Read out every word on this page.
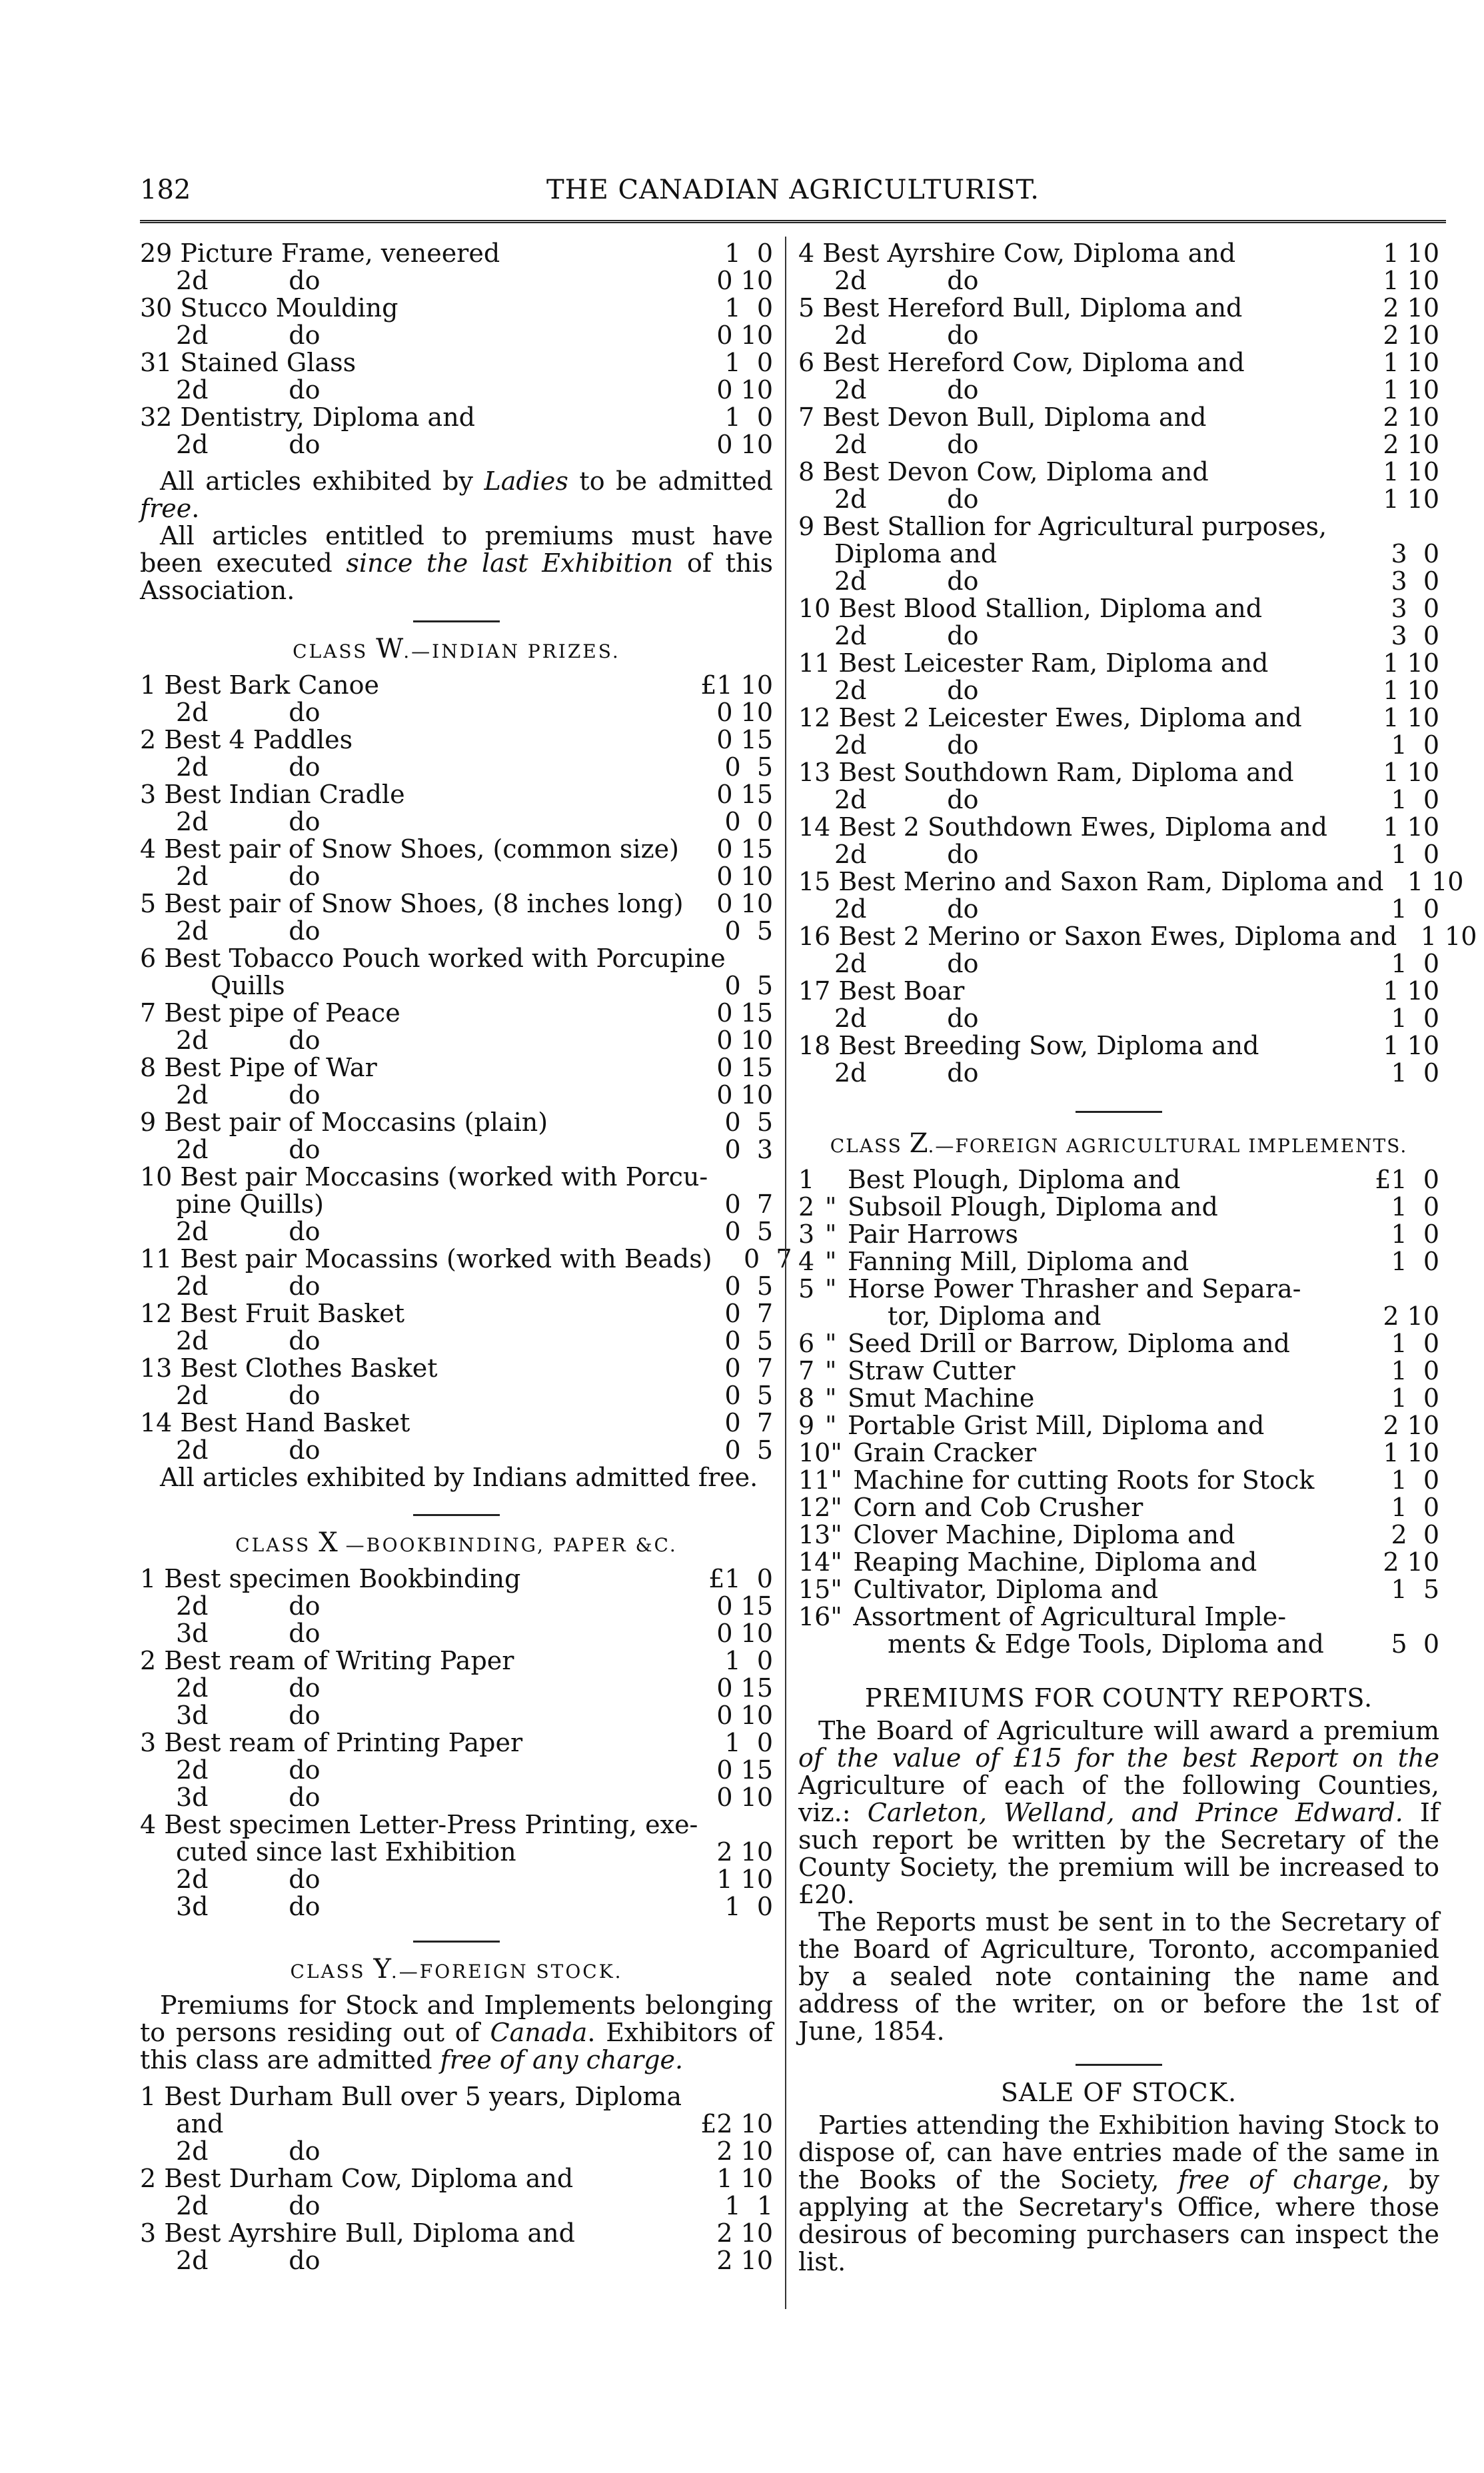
182	THE CANADIAN AGRICULTURIST.
29 Picture Frame, veneered	1  0
2d          do	0 10
30 Stucco Moulding	1  0
2d          do	0 10
31 Stained Glass	1  0
2d          do	0 10
32 Dentistry, Diploma and	1  0
2d          do	0 10

All articles exhibited by Ladies to be admitted free.

All articles entitled to premiums must have been executed since the last Exhibition of this Association.

CLASS W.—INDIAN PRIZES.
1 Best Bark Canoe	£1 10
2d          do	0 10
2 Best 4 Paddles	0 15
2d          do	0  5
3 Best Indian Cradle	0 15
2d          do	0  0
4 Best pair of Snow Shoes, (common size)	0 15
2d          do	0 10
5 Best pair of Snow Shoes, (8 inches long)	0 10
2d          do	0  5
6 Best Tobacco Pouch worked with Porcupine
Quills	0  5
7 Best pipe of Peace	0 15
2d          do	0 10
8 Best Pipe of War	0 15
2d          do	0 10
9 Best pair of Moccasins (plain)	0  5
2d          do	0  3
10 Best pair Moccasins (worked with Porcu-
pine Quills)	0  7
2d          do	0  5
11 Best pair Mocassins (worked with Beads)	0  7
2d          do	0  5
12 Best Fruit Basket	0  7
2d          do	0  5
13 Best Clothes Basket	0  7
2d          do	0  5
14 Best Hand Basket	0  7
2d          do	0  5
All articles exhibited by Indians admitted free.
CLASS X —BOOKBINDING, PAPER &C.
1 Best specimen Bookbinding	£1  0
2d          do	0 15
3d          do	0 10
2 Best ream of Writing Paper	1  0
2d          do	0 15
3d          do	0 10
3 Best ream of Printing Paper	1  0
2d          do	0 15
3d          do	0 10
4 Best specimen Letter-Press Printing, exe-
cuted since last Exhibition	2 10
2d          do	1 10
3d          do	1  0
CLASS Y.—FOREIGN STOCK.

Premiums for Stock and Implements belonging to persons residing out of Canada. Exhibitors of this class are admitted free of any charge.

1 Best Durham Bull over 5 years, Diploma
and	£2 10
2d          do	2 10
2 Best Durham Cow, Diploma and	1 10
2d          do	1  1
3 Best Ayrshire Bull, Diploma and	2 10
2d          do	2 10
4 Best Ayrshire Cow, Diploma and	1 10
2d          do	1 10
5 Best Hereford Bull, Diploma and	2 10
2d          do	2 10
6 Best Hereford Cow, Diploma and	1 10
2d          do	1 10
7 Best Devon Bull, Diploma and	2 10
2d          do	2 10
8 Best Devon Cow, Diploma and	1 10
2d          do	1 10
9 Best Stallion for Agricultural purposes,
Diploma and	3  0
2d          do	3  0
10 Best Blood Stallion, Diploma and	3  0
2d          do	3  0
11 Best Leicester Ram, Diploma and	1 10
2d          do	1 10
12 Best 2 Leicester Ewes, Diploma and	1 10
2d          do	1  0
13 Best Southdown Ram, Diploma and	1 10
2d          do	1  0
14 Best 2 Southdown Ewes, Diploma and	1 10
2d          do	1  0
15 Best Merino and Saxon Ram, Diploma and 1 10
2d          do	1  0
16 Best 2 Merino or Saxon Ewes, Diploma and 1 10
2d          do	1  0
17 Best Boar	1 10
2d          do	1  0
18 Best Breeding Sow, Diploma and	1 10
2d          do	1  0
CLASS Z.—FOREIGN AGRICULTURAL IMPLEMENTS.
1	Best Plough, Diploma and	£1  0
2 " Subsoil Plough, Diploma and	1  0
3 " Pair Harrows	1  0
4 " Fanning Mill, Diploma and	1  0
5 " Horse Power Thrasher and Separa-
tor, Diploma and	2 10
6 " Seed Drill or Barrow, Diploma and	1  0
7 " Straw Cutter	1  0
8 " Smut Machine	1  0
9 " Portable Grist Mill, Diploma and	2 10
10 " Grain Cracker	1 10
11 " Machine for cutting Roots for Stock	1  0
12 " Corn and Cob Crusher	1  0
13 " Clover Machine, Diploma and	2  0
14 " Reaping Machine, Diploma and	2 10
15 " Cultivator, Diploma and	1  5
16 " Assortment of Agricultural Imple-
ments & Edge Tools, Diploma and	5  0
PREMIUMS FOR COUNTY REPORTS.

The Board of Agriculture will award a premium of the value of £15 for the best Report on the Agriculture of each of the following Counties, viz.: Carleton, Welland, and Prince Edward. If such report be written by the Secretary of the County Society, the premium will be increased to £20.

The Reports must be sent in to the Secretary of the Board of Agriculture, Toronto, accompanied by a sealed note containing the name and address of the writer, on or before the 1st of June, 1854.

SALE OF STOCK.

Parties attending the Exhibition having Stock to dispose of, can have entries made of the same in the Books of the Society, free of charge, by applying at the Secretary's Office, where those desirous of becoming purchasers can inspect the list.
